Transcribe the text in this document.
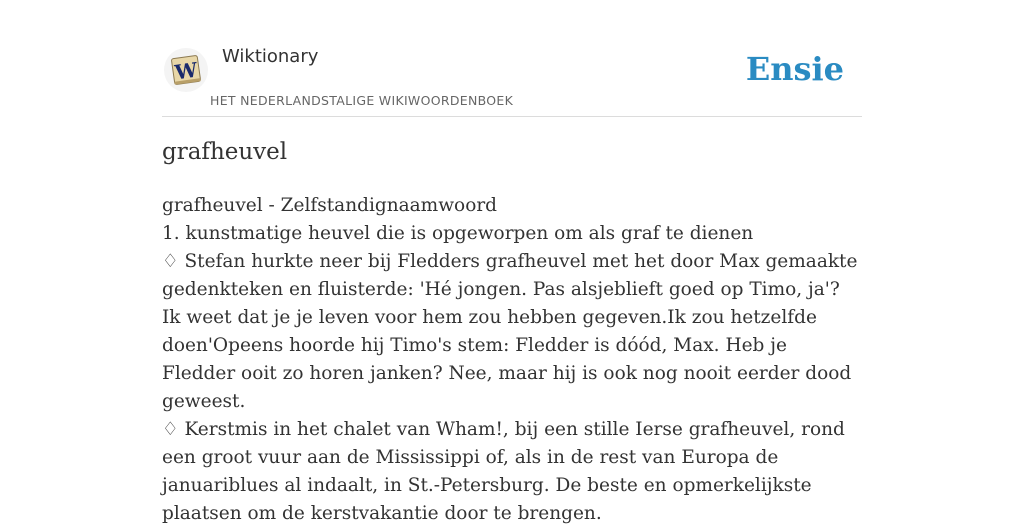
W
Wiktionary
HET NEDERLANDSTALIGE WIKIWOORDENBOEK
Ensie
grafheuvel

grafheuvel - Zelfstandignaamwoord

1. kunstmatige heuvel die is opgeworpen om als graf te dienen

♢ Stefan hurkte neer bij Fledders grafheuvel met het door Max gemaakte gedenkteken en fluisterde: 'Hé jongen. Pas alsjeblieft goed op Timo, ja'? Ik weet dat je je leven voor hem zou hebben gegeven.Ik zou hetzelfde doen'Opeens hoorde hij Timo's stem: Fledder is dóód, Max. Heb je Fledder ooit zo horen janken? Nee, maar hij is ook nog nooit eerder dood geweest.

♢ Kerstmis in het chalet van Wham!, bij een stille Ierse grafheuvel, rond een groot vuur aan de Mississippi of, als in de rest van Europa de januariblues al indaalt, in St.-Petersburg. De beste en opmerkelijkste plaatsen om de kerstvakantie door te brengen.
